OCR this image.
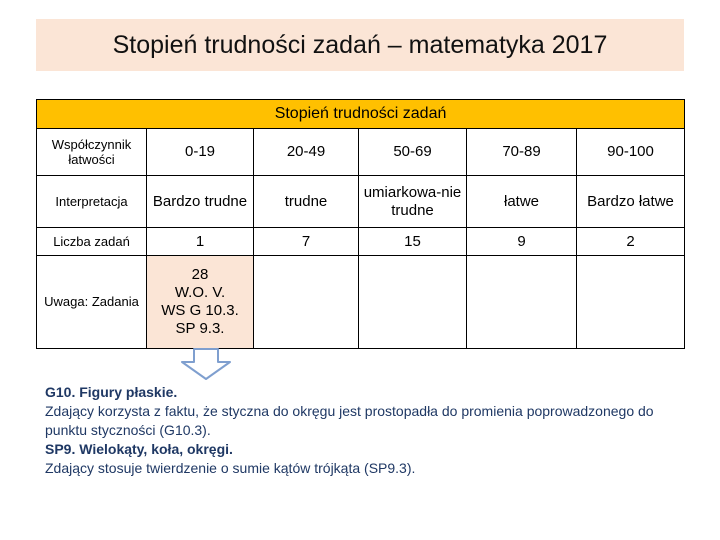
Stopień trudności zadań – matematyka 2017
Stopień trudności zadań					
Współczynnik łatwości	0-19	20-49	50-69	70-89	90-100
Interpretacja	Bardzo trudne	trudne	umiarkowa-nie trudne	łatwe	Bardzo łatwe
Liczba zadań	1	7	15	9	2
Uwaga: Zadania	28
W.O. V.
WS G 10.3.
SP 9.3.				

G10. Figury płaskie.
Zdający korzysta z faktu, że styczna do okręgu jest prostopadła do promienia poprowadzonego do punktu styczności (G10.3).
SP9. Wielokąty, koła, okręgi.
Zdający stosuje twierdzenie o sumie kątów trójkąta (SP9.3).
